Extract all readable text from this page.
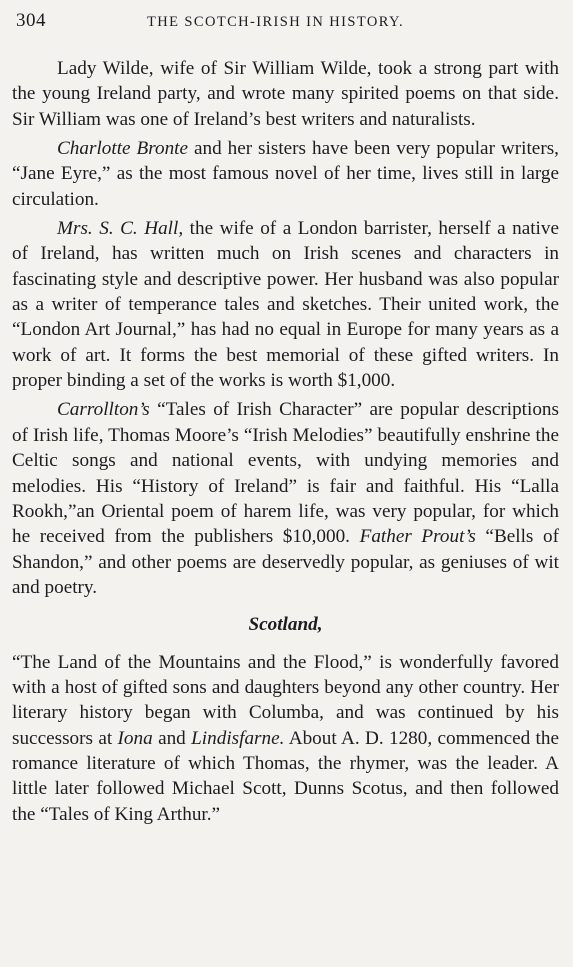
304	THE SCOTCH-IRISH IN HISTORY.

Lady Wilde, wife of Sir William Wilde, took a strong part with the young Ireland party, and wrote many spirited poems on that side. Sir William was one of Ireland’s best writers and naturalists.

Charlotte Bronte and her sisters have been very popular writers, “Jane Eyre,” as the most famous novel of her time, lives still in large circulation.

Mrs. S. C. Hall, the wife of a London barrister, herself a native of Ireland, has written much on Irish scenes and characters in fascinating style and descriptive power. Her husband was also popular as a writer of temperance tales and sketches. Their united work, the “London Art Journal,” has had no equal in Europe for many years as a work of art. It forms the best memorial of these gifted writers. In proper binding a set of the works is worth $1,000.

Carrollton’s “Tales of Irish Character” are popular descriptions of Irish life, Thomas Moore’s “Irish Melodies” beautifully enshrine the Celtic songs and national events, with undying memories and melodies. His “History of Ireland” is fair and faithful. His “Lalla Rookh,”an Oriental poem of harem life, was very popular, for which he received from the publishers $10,000. Father Prout’s “Bells of Shandon,” and other poems are deservedly popular, as geniuses of wit and poetry.

Scotland,

“The Land of the Mountains and the Flood,” is wonderfully favored with a host of gifted sons and daughters beyond any other country. Her literary history began with Columba, and was continued by his successors at Iona and Lindisfarne. About A. D. 1280, commenced the romance literature of which Thomas, the rhymer, was the leader. A little later followed Michael Scott, Dunns Scotus, and then followed the “Tales of King Arthur.”
